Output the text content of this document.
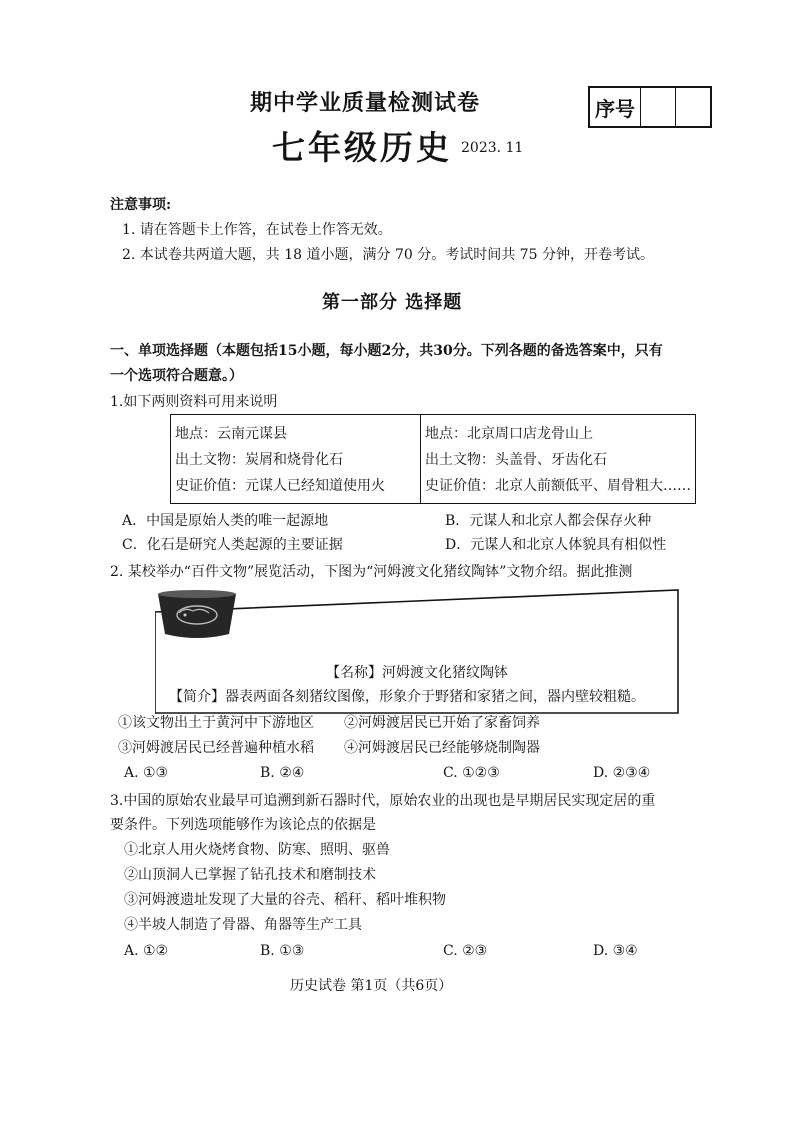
期中学业质量检测试卷
七年级历史 2023. 11
序号
注意事项:
1. 请在答题卡上作答，在试卷上作答无效。
2. 本试卷共两道大题，共 18 道小题，满分 70 分。考试时间共 75 分钟，开卷考试。
第一部分 选择题
一、单项选择题（本题包括15小题，每小题2分，共30分。下列各题的备选答案中，只有
一个选项符合题意。）
1.如下两则资料可用来说明
地点：云南元谋县
出土文物：炭屑和烧骨化石
史证价值：元谋人已经知道使用火

地点：北京周口店龙骨山上
出土文物：头盖骨、牙齿化石
史证价值：北京人前额低平、眉骨粗大……
A．中国是原始人类的唯一起源地	B．元谋人和北京人都会保存火种
C．化石是研究人类起源的主要证据	D．元谋人和北京人体貌具有相似性
2. 某校举办“百件文物”展览活动，下图为“河姆渡文化猪纹陶钵”文物介绍。据此推测
【名称】河姆渡文化猪纹陶钵
【简介】器表两面各刻猪纹图像，形象介于野猪和家猪之间，器内壁较粗糙。
①该文物出土于黄河中下游地区 ②河姆渡居民已开始了家畜饲养
③河姆渡居民已经普遍种植水稻 ④河姆渡居民已经能够烧制陶器
A. ①③	B. ②④	C. ①②③	D. ②③④
3.中国的原始农业最早可追溯到新石器时代，原始农业的出现也是早期居民实现定居的重
要条件。下列选项能够作为该论点的依据是
①北京人用火烧烤食物、防寒、照明、驱兽
②山顶洞人已掌握了钻孔技术和磨制技术
③河姆渡遗址发现了大量的谷壳、稻秆、稻叶堆积物
④半坡人制造了骨器、角器等生产工具
A. ①②	B. ①③	C. ②③	D. ③④
历史试卷 第1页（共6页）
